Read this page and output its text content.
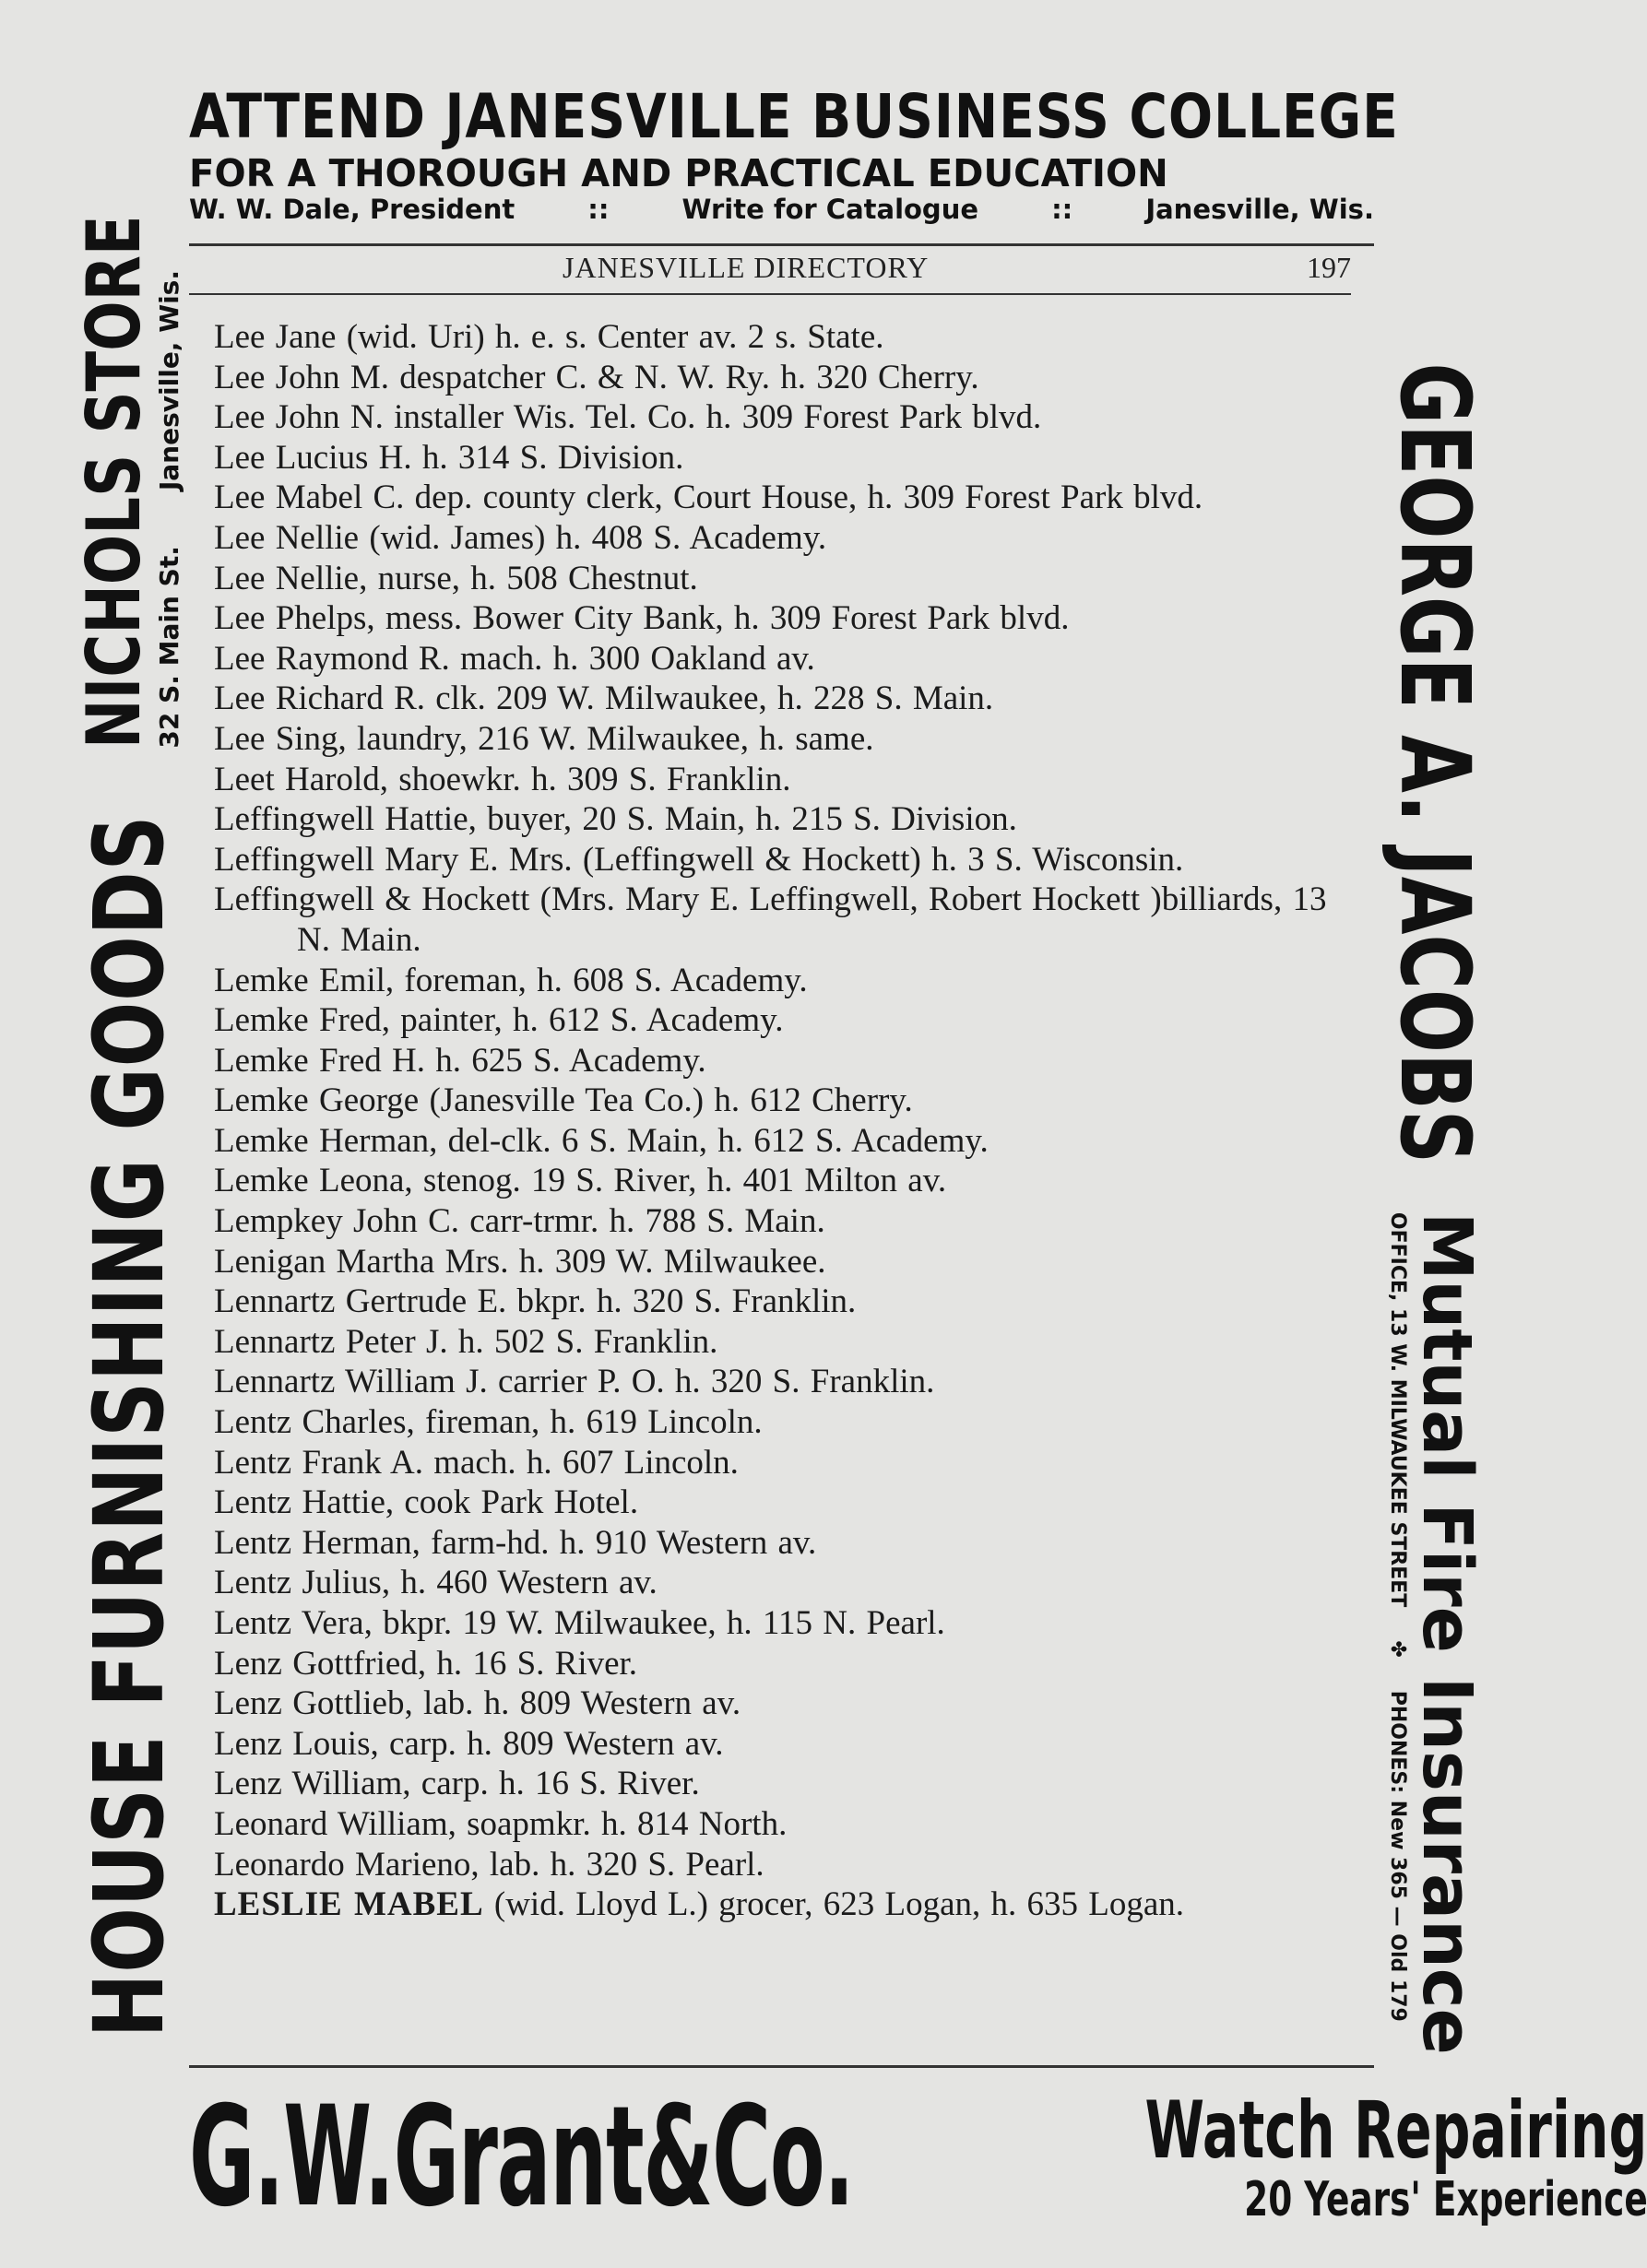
ATTEND JANESVILLE BUSINESS COLLEGE
FOR A THOROUGH AND PRACTICAL EDUCATION
W. W. Dale, President	::	Write for Catalogue	::	Janesville, Wis.
JANESVILLE DIRECTORY	197
Lee Jane (wid. Uri) h. e. s. Center av. 2 s. State.
Lee John M. despatcher C. & N. W. Ry. h. 320 Cherry.
Lee John N. installer Wis. Tel. Co. h. 309 Forest Park blvd.
Lee Lucius H. h. 314 S. Division.
Lee Mabel C. dep. county clerk, Court House, h. 309 Forest Park blvd.
Lee Nellie (wid. James) h. 408 S. Academy.
Lee Nellie, nurse, h. 508 Chestnut.
Lee Phelps, mess. Bower City Bank, h. 309 Forest Park blvd.
Lee Raymond R. mach. h. 300 Oakland av.
Lee Richard R. clk. 209 W. Milwaukee, h. 228 S. Main.
Lee Sing, laundry, 216 W. Milwaukee, h. same.
Leet Harold, shoewkr. h. 309 S. Franklin.
Leffingwell Hattie, buyer, 20 S. Main, h. 215 S. Division.
Leffingwell Mary E. Mrs. (Leffingwell & Hockett) h. 3 S. Wisconsin.
Leffingwell & Hockett (Mrs. Mary E. Leffingwell, Robert Hockett )billiards, 13 N. Main.
Lemke Emil, foreman, h. 608 S. Academy.
Lemke Fred, painter, h. 612 S. Academy.
Lemke Fred H. h. 625 S. Academy.
Lemke George (Janesville Tea Co.) h. 612 Cherry.
Lemke Herman, del-clk. 6 S. Main, h. 612 S. Academy.
Lemke Leona, stenog. 19 S. River, h. 401 Milton av.
Lempkey John C. carr-trmr. h. 788 S. Main.
Lenigan Martha Mrs. h. 309 W. Milwaukee.
Lennartz Gertrude E. bkpr. h. 320 S. Franklin.
Lennartz Peter J. h. 502 S. Franklin.
Lennartz William J. carrier P. O. h. 320 S. Franklin.
Lentz Charles, fireman, h. 619 Lincoln.
Lentz Frank A. mach. h. 607 Lincoln.
Lentz Hattie, cook Park Hotel.
Lentz Herman, farm-hd. h. 910 Western av.
Lentz Julius, h. 460 Western av.
Lentz Vera, bkpr. 19 W. Milwaukee, h. 115 N. Pearl.
Lenz Gottfried, h. 16 S. River.
Lenz Gottlieb, lab. h. 809 Western av.
Lenz Louis, carp. h. 809 Western av.
Lenz William, carp. h. 16 S. River.
Leonard William, soapmkr. h. 814 North.
Leonardo Marieno, lab. h. 320 S. Pearl.
LESLIE MABEL (wid. Lloyd L.) grocer, 623 Logan, h. 635 Logan.
HOUSE FURNISHING GOODS
NICHOLS STORE
32 S. Main St.
Janesville, Wis.	GEORGE A. JACOBS
Mutual Fire Insurance
OFFICE, 13 W. MILWAUKEE STREET
✤
PHONES: New 365 — Old 179
G.W.Grant&Co.	Watch Repairing
20 Years' Experience
